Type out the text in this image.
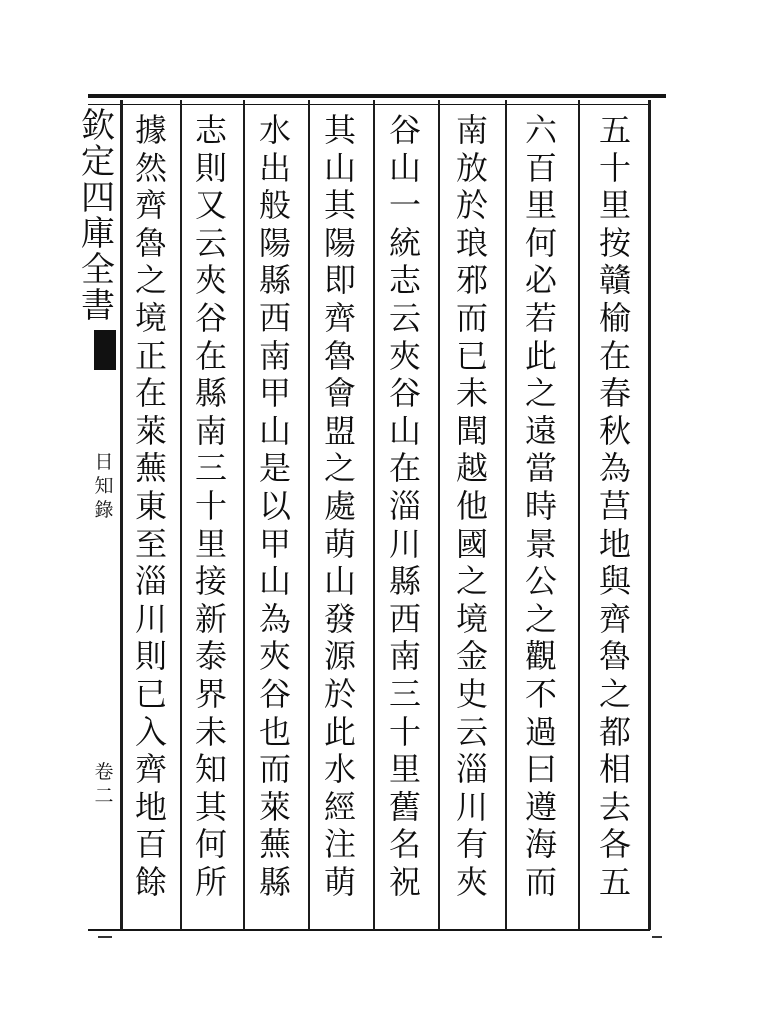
欽定四庫全書
日知錄
卷二
五十里按贛榆在春秋為莒地與齊魯之都相去各五
六百里何必若此之遠當時景公之觀不過曰遵海而
南放於琅邪而已未聞越他國之境金史云淄川有夾
谷山一統志云夾谷山在淄川縣西南三十里舊名祝
其山其陽即齊魯會盟之處萌山發源於此水經注萌
水出般陽縣西南甲山是以甲山為夾谷也而萊蕪縣
志則又云夾谷在縣南三十里接新泰界未知其何所
據然齊魯之境正在萊蕪東至淄川則已入齊地百餘
